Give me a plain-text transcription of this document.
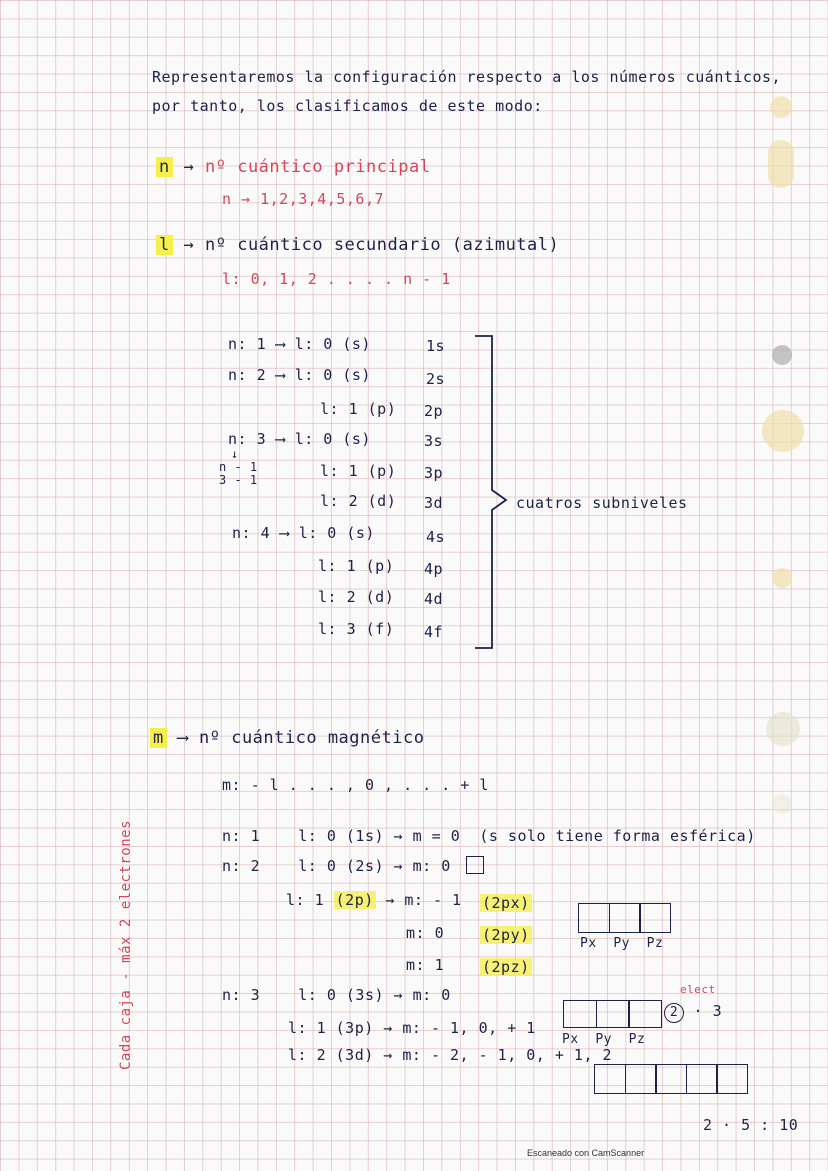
Representaremos la configuración respecto a los números cuánticos,
por tanto, los clasificamos de este modo:
n → nº cuántico principal
n → 1,2,3,4,5,6,7
l → nº cuántico secundario (azimutal)
l: 0, 1, 2 . . . . n - 1
n: 1 ⟶ l: 0 (s)	1s
n: 2 ⟶ l: 0 (s)	2s
l: 1 (p) 2p
n: 3 ⟶ l: 0 (s)	3s
↓
n - 1
3 - 1	l: 1 (p) 3p
l: 2 (d) 3d
n: 4 ⟶ l: 0 (s)	4s
l: 1 (p) 4p
l: 2 (d) 4d
l: 3 (f) 4f
cuatros subniveles
m ⟶ nº cuántico magnético
m: - l . . . , 0 , . . . + l
n: 1	l: 0 (1s) → m = 0 (s solo tiene forma esférica)
n: 2	l: 0 (2s) → m: 0
l: 1 (2p) → m: - 1 (2px)
m: 0	(2py)
m: 1	(2pz)
Px Py Pz
n: 3	l: 0 (3s) → m: 0
l: 1 (3p) → m: - 1, 0, + 1
l: 2 (3d) → m: - 2, - 1, 0, + 1, 2
Px Py Pz
elect
2 · 3
Cada caja - máx 2 electrones
2 · 5 : 10
Escaneado con CamScanner
